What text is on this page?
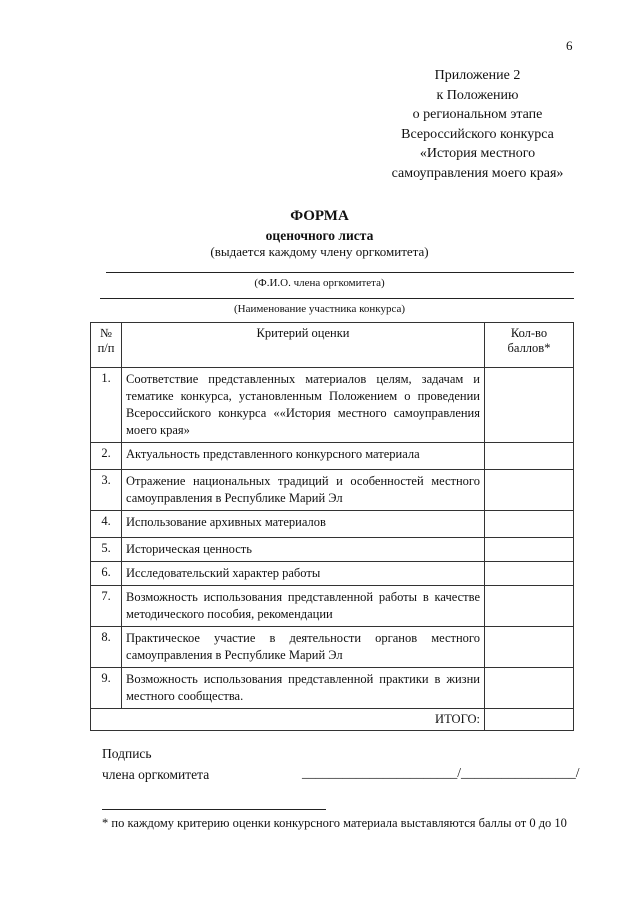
6
Приложение 2
к Положению
о региональном этапе
Всероссийского конкурса
«История местного
самоуправления моего края»
ФОРМА
оценочного листа
(выдается каждому члену оргкомитета)
(Ф.И.О. члена оргкомитета)
(Наименование участника конкурса)
№ п/п	Критерий оценки	Кол-во баллов*
1.	Соответствие представленных материалов целям, задачам и тематике конкурса, установленным Положением о проведении Всероссийского конкурса ««История местного самоуправления моего края»	
2.	Актуальность представленного конкурсного материала	
3.	Отражение национальных традиций и особенностей местного самоуправления в Республике Марий Эл	
4.	Использование архивных материалов	
5.	Историческая ценность	
6.	Исследовательский характер работы	
7.	Возможность использования представленной работы в качестве методического пособия, рекомендации	
8.	Практическое участие в деятельности органов местного самоуправления в Республике Марий Эл	
9.	Возможность использования представленной практики в жизни местного сообщества.	
ИТОГО:		
Подпись
члена оргкомитета	_______________________/_________________/
* по каждому критерию оценки конкурсного материала выставляются баллы от 0 до 10
